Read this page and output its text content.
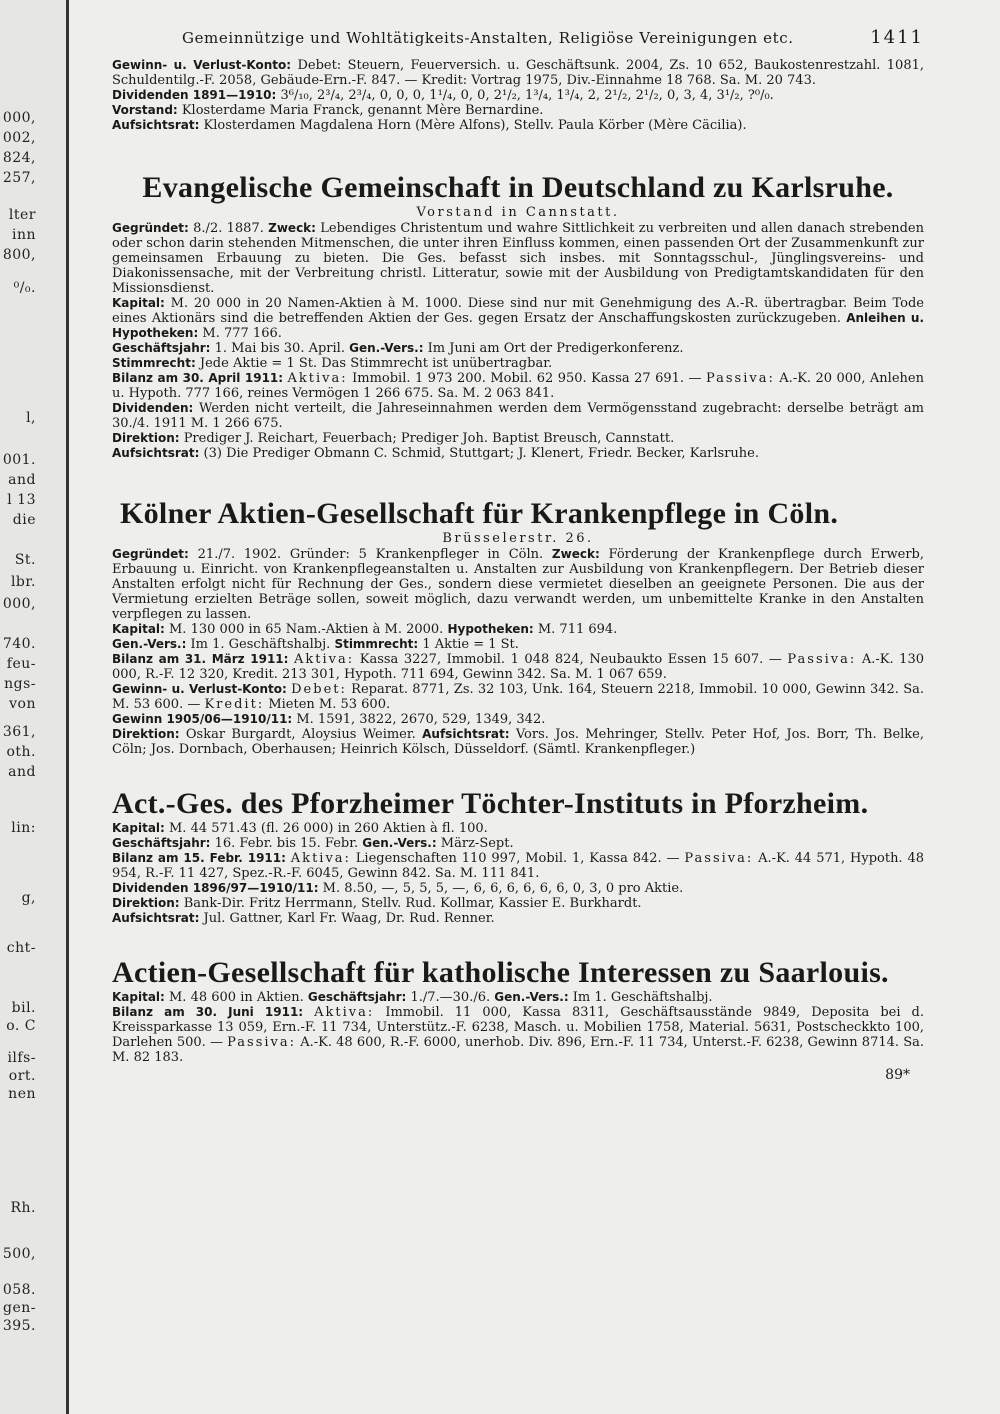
000,
002,
824,
257,
lter
inn
800,
⁰/₀.
l,
001.
and
l 13
die
St.
lbr.
000,
740.
feu-
ngs-
von
361,
oth.
and
lin:
g,
cht-
bil.
o. C
ilfs-
ort.
nen
Rh.
500,
058.
gen-
395.
Gemeinnützige und Wohltätigkeits-Anstalten, Religiöse Vereinigungen etc.	1411

Gewinn- u. Verlust-Konto: Debet: Steuern, Feuerversich. u. Geschäftsunk. 2004, Zs. 10 652, Baukostenrestzahl. 1081, Schuldentilg.-F. 2058, Gebäude-Ern.-F. 847. — Kredit: Vortrag 1975, Div.-Einnahme 18 768. Sa. M. 20 743.

Dividenden 1891—1910: 3⁶/₁₀, 2³/₄, 2³/₄, 0, 0, 0, 1¹/₄, 0, 0, 2¹/₂, 1³/₄, 1³/₄, 2, 2¹/₂, 2¹/₂, 0, 3, 4, 3¹/₂, ?⁰/₀.

Vorstand: Klosterdame Maria Franck, genannt Mère Bernardine.

Aufsichtsrat: Klosterdamen Magdalena Horn (Mère Alfons), Stellv. Paula Körber (Mère Cäcilia).

Evangelische Gemeinschaft in Deutschland zu Karlsruhe.
Vorstand in Cannstatt.

Gegründet: 8./2. 1887. Zweck: Lebendiges Christentum und wahre Sittlichkeit zu verbreiten und allen danach strebenden oder schon darin stehenden Mitmenschen, die unter ihren Einfluss kommen, einen passenden Ort der Zusammenkunft zur gemeinsamen Erbauung zu bieten. Die Ges. befasst sich insbes. mit Sonntagsschul-, Jünglingsvereins- und Diakonissensache, mit der Verbreitung christl. Litteratur, sowie mit der Ausbildung von Predigtamtskandidaten für den Missionsdienst.

Kapital: M. 20 000 in 20 Namen-Aktien à M. 1000. Diese sind nur mit Genehmigung des A.-R. übertragbar. Beim Tode eines Aktionärs sind die betreffenden Aktien der Ges. gegen Ersatz der Anschaffungskosten zurückzugeben. Anleihen u. Hypotheken: M. 777 166.

Geschäftsjahr: 1. Mai bis 30. April. Gen.-Vers.: Im Juni am Ort der Predigerkonferenz.

Stimmrecht: Jede Aktie = 1 St. Das Stimmrecht ist unübertragbar.

Bilanz am 30. April 1911: Aktiva: Immobil. 1 973 200. Mobil. 62 950. Kassa 27 691. — Passiva: A.-K. 20 000, Anlehen u. Hypoth. 777 166, reines Vermögen 1 266 675. Sa. M. 2 063 841.

Dividenden: Werden nicht verteilt, die Jahreseinnahmen werden dem Vermögensstand zugebracht: derselbe beträgt am 30./4. 1911 M. 1 266 675.

Direktion: Prediger J. Reichart, Feuerbach; Prediger Joh. Baptist Breusch, Cannstatt.

Aufsichtsrat: (3) Die Prediger Obmann C. Schmid, Stuttgart; J. Klenert, Friedr. Becker, Karlsruhe.

Kölner Aktien-Gesellschaft für Krankenpflege in Cöln.
Brüsselerstr. 26.

Gegründet: 21./7. 1902. Gründer: 5 Krankenpfleger in Cöln. Zweck: Förderung der Krankenpflege durch Erwerb, Erbauung u. Einricht. von Krankenpflegeanstalten u. Anstalten zur Ausbildung von Krankenpflegern. Der Betrieb dieser Anstalten erfolgt nicht für Rechnung der Ges., sondern diese vermietet dieselben an geeignete Personen. Die aus der Vermietung erzielten Beträge sollen, soweit möglich, dazu verwandt werden, um unbemittelte Kranke in den Anstalten verpflegen zu lassen.

Kapital: M. 130 000 in 65 Nam.-Aktien à M. 2000. Hypotheken: M. 711 694.

Gen.-Vers.: Im 1. Geschäftshalbj. Stimmrecht: 1 Aktie = 1 St.

Bilanz am 31. März 1911: Aktiva: Kassa 3227, Immobil. 1 048 824, Neubaukto Essen 15 607. — Passiva: A.-K. 130 000, R.-F. 12 320, Kredit. 213 301, Hypoth. 711 694, Gewinn 342. Sa. M. 1 067 659.

Gewinn- u. Verlust-Konto: Debet: Reparat. 8771, Zs. 32 103, Unk. 164, Steuern 2218, Immobil. 10 000, Gewinn 342. Sa. M. 53 600. — Kredit: Mieten M. 53 600.

Gewinn 1905/06—1910/11: M. 1591, 3822, 2670, 529, 1349, 342.

Direktion: Oskar Burgardt, Aloysius Weimer. Aufsichtsrat: Vors. Jos. Mehringer, Stellv. Peter Hof, Jos. Borr, Th. Belke, Cöln; Jos. Dornbach, Oberhausen; Heinrich Kölsch, Düsseldorf. (Sämtl. Krankenpfleger.)

Act.-Ges. des Pforzheimer Töchter-Instituts in Pforzheim.

Kapital: M. 44 571.43 (fl. 26 000) in 260 Aktien à fl. 100.

Geschäftsjahr: 16. Febr. bis 15. Febr. Gen.-Vers.: März-Sept.

Bilanz am 15. Febr. 1911: Aktiva: Liegenschaften 110 997, Mobil. 1, Kassa 842. — Passiva: A.-K. 44 571, Hypoth. 48 954, R.-F. 11 427, Spez.-R.-F. 6045, Gewinn 842. Sa. M. 111 841.

Dividenden 1896/97—1910/11: M. 8.50, —, 5, 5, 5, —, 6, 6, 6, 6, 6, 6, 0, 3, 0 pro Aktie.

Direktion: Bank-Dir. Fritz Herrmann, Stellv. Rud. Kollmar, Kassier E. Burkhardt.

Aufsichtsrat: Jul. Gattner, Karl Fr. Waag, Dr. Rud. Renner.

Actien-Gesellschaft für katholische Interessen zu Saarlouis.

Kapital: M. 48 600 in Aktien. Geschäftsjahr: 1./7.—30./6. Gen.-Vers.: Im 1. Geschäftshalbj.

Bilanz am 30. Juni 1911: Aktiva: Immobil. 11 000, Kassa 8311, Geschäftsausstände 9849, Deposita bei d. Kreissparkasse 13 059, Ern.-F. 11 734, Unterstütz.-F. 6238, Masch. u. Mobilien 1758, Material. 5631, Postscheckkto 100, Darlehen 500. — Passiva: A.-K. 48 600, R.-F. 6000, unerhob. Div. 896, Ern.-F. 11 734, Unterst.-F. 6238, Gewinn 8714. Sa. M. 82 183.

89*
